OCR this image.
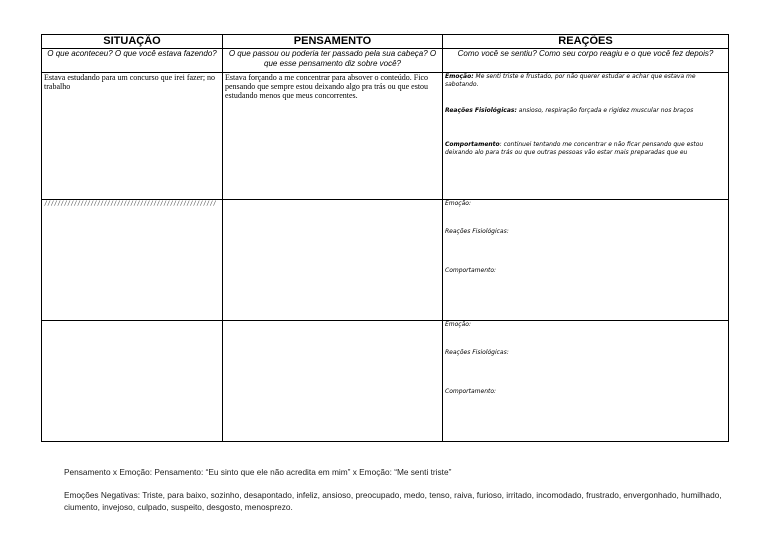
SITUAÇÃO	PENSAMENTO	REAÇÕES
O que aconteceu? O que você estava fazendo?	O que passou ou poderia ter passado pela sua cabeça? O que esse pensamento diz sobre você?	Como você se sentiu? Como seu corpo reagiu e o que você fez depois?
Estava estudando para um concurso que irei fazer; no trabalho	Estava forçando a me concentrar para absover o conteúdo. Fico pensando que sempre estou deixando algo pra trás ou que estou estudando menos que meus concorrentes.	Emoção: Me senti triste e frustado, por não querer estudar e achar que estava me sabotando.

Reações Fisiológicas: ansioso, respiração forçada e rigidez muscular nos braços

Comportamento: continuei tentando me concentrar e não ficar pensando que estou deixando alo para trás ou que outras pessoas vão estar mais preparadas que eu

////////////////////////////////////////////////////		Emoção:

Reações Fisiológicas:

Comportamento:

		Emoção:

Reações Fisiológicas:

Comportamento:

Pensamento x Emoção: Pensamento: “Eu sinto que ele não acredita em mim” x Emoção: “Me senti triste”
Emoções Negativas: Triste, para baixo, sozinho, desapontado, infeliz, ansioso, preocupado, medo, tenso, raiva, furioso, irritado, incomodado, frustrado, envergonhado, humilhado, ciumento, invejoso, culpado, suspeito, desgosto, menosprezo.
